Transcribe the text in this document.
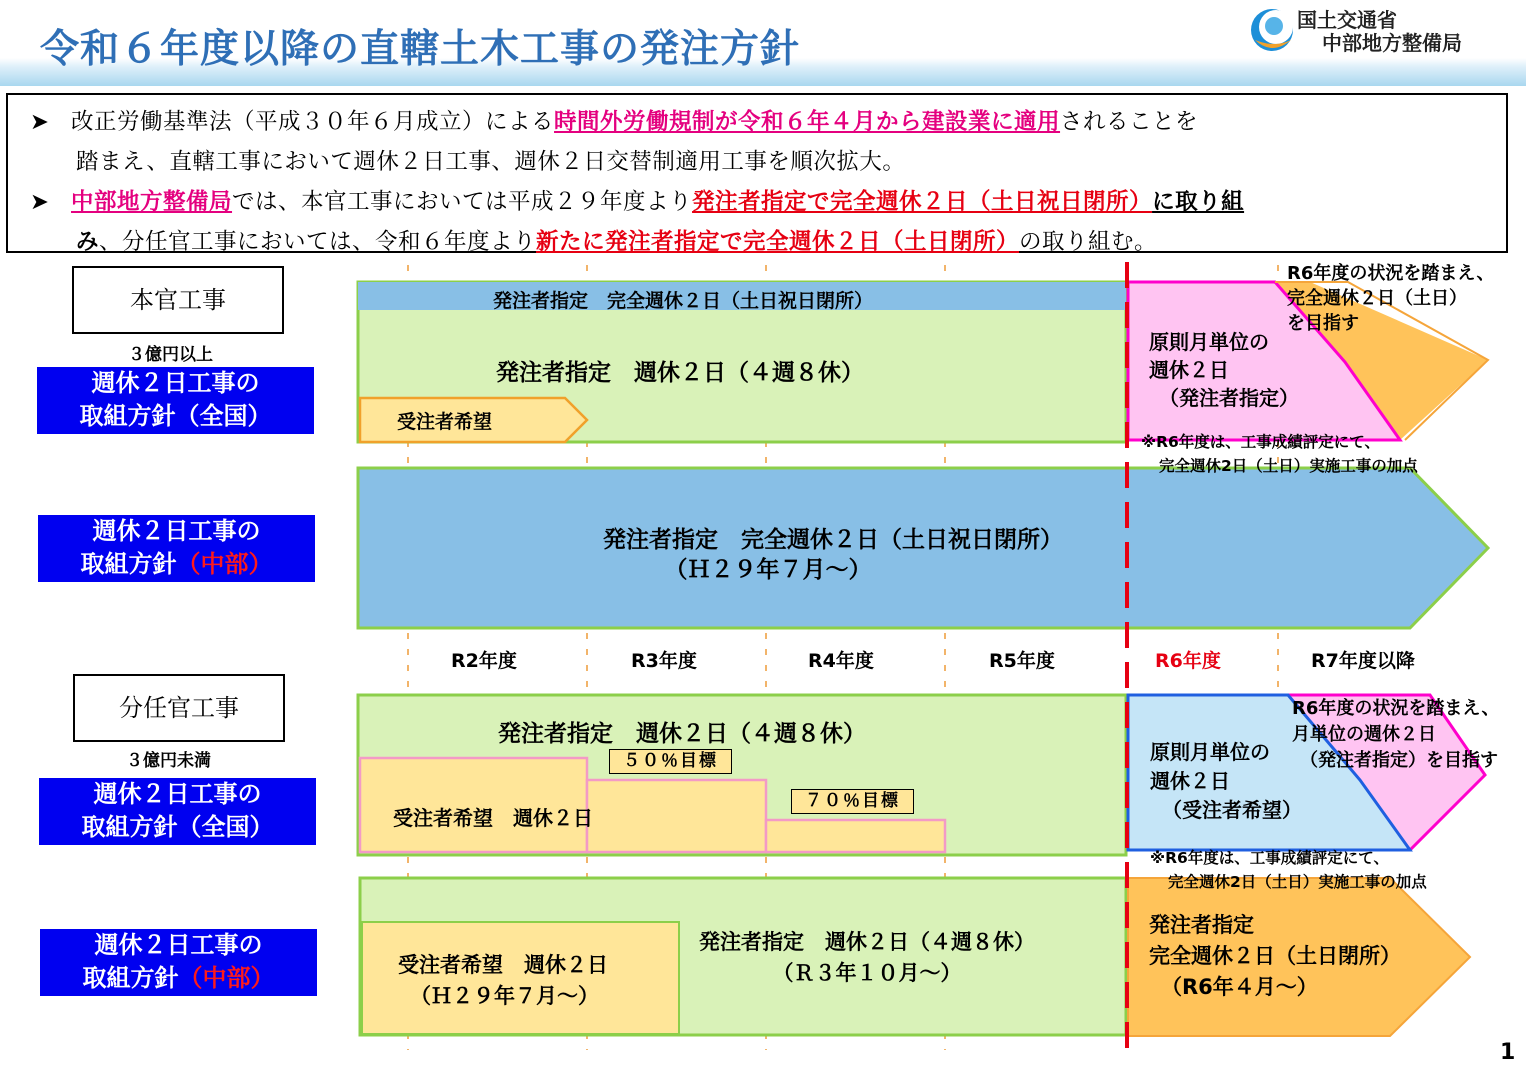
令和６年度以降の直轄土木工事の発注方針
国土交通省
中部地方整備局
➤ 改正労働基準法（平成３０年６月成立）による時間外労働規制が令和６年４月から建設業に適用されることを
踏まえ、直轄工事において週休２日工事、週休２日交替制適用工事を順次拡大。
➤ 中部地方整備局では、本官工事においては平成２９年度より発注者指定で完全週休２日（土日祝日閉所）に取り組
み、分任官工事においては、令和６年度より新たに発注者指定で完全週休２日（土日閉所）の取り組む。
本官工事
３億円以上
週休２日工事の
取組方針（全国）
週休２日工事の
取組方針（中部）
分任官工事
３億円未満
週休２日工事の
取組方針（全国）
週休２日工事の
取組方針（中部）
R2年度	R3年度	R4年度	R5年度	R6年度	R7年度以降
発注者指定　完全週休２日（土日祝日閉所）
発注者指定　週休２日（４週８休）
受注者希望
原則月単位の
週休２日
（発注者指定）
R6年度の状況を踏まえ、
完全週休２日（土日）
を目指す
※R6年度は、工事成績評定にて、
完全週休2日（土日）実施工事の加点
発注者指定　完全週休２日（土日祝日閉所）
（Ｈ２９年７月～）
発注者指定　週休２日（４週８休）
５０％目標
７０％目標
受注者希望　週休２日
原則月単位の
週休２日
（受注者希望）
R6年度の状況を踏まえ、
月単位の週休２日
（発注者指定）を目指す
※R6年度は、工事成績評定にて、
完全週休2日（土日）実施工事の加点
受注者希望　週休２日
（Ｈ２９年７月～）
発注者指定　週休２日（４週８休）
（Ｒ３年１０月～）
発注者指定
完全週休２日（土日閉所）
（R6年４月～）
1
